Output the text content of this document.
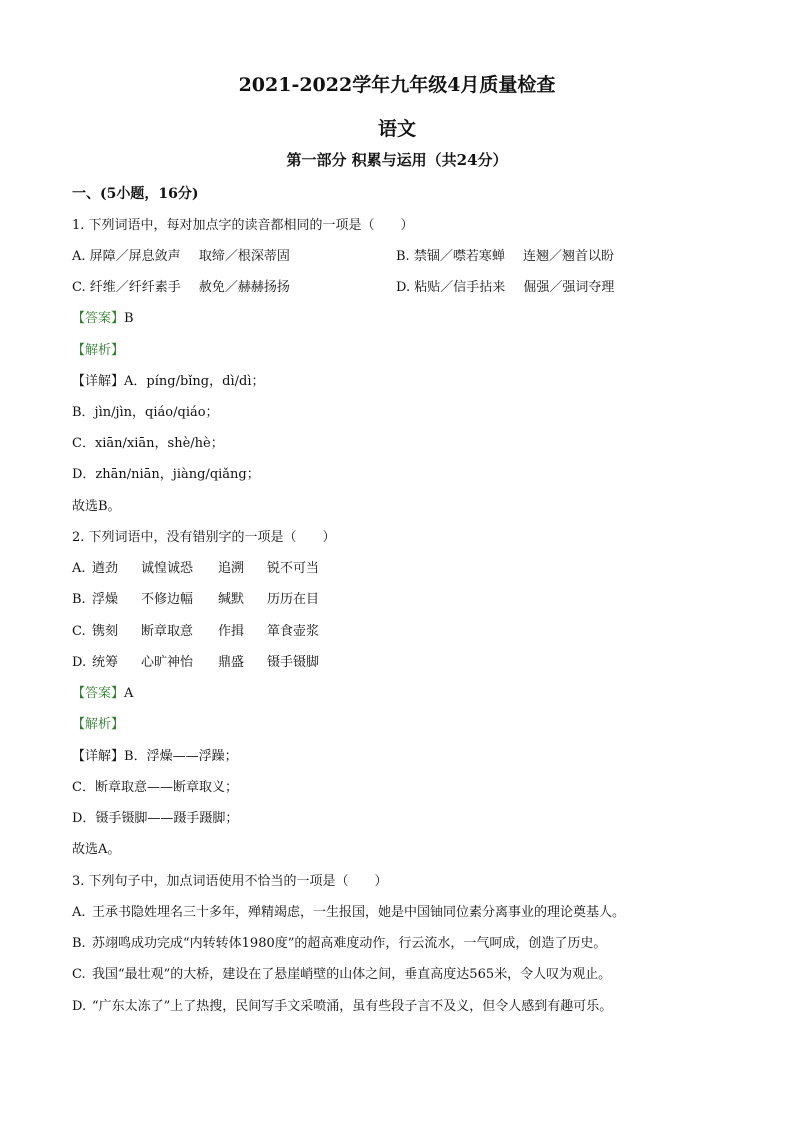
2021-2022学年九年级4月质量检查
语文
第一部分 积累与运用（共24分）
一、(5小题，16分)
1. 下列词语中，每对加点字的读音都相同的一项是（　　）
A. 屏障／屏息敛声 取缔／根深蒂固	B. 禁锢／噤若寒蝉 连翘／翘首以盼
C. 纤维／纤纤素手 赦免／赫赫扬扬	D. 粘贴／信手拈来 倔强／强词夺理
【答案】B
【解析】
【详解】A．píng/bǐng，dì/dì；
B．jìn/jìn，qiáo/qiáo；
C．xiān/xiān，shè/hè；
D．zhān/niān，jiàng/qiǎng；
故选B。
2. 下列词语中，没有错别字的一项是（　　）
A. 遒劲 诚惶诚恐 追溯 锐不可当
B. 浮燥 不修边幅 缄默 历历在目
C. 镌刻 断章取意 作揖 箪食壶浆
D. 统筹 心旷神怡 鼎盛 镊手镊脚
【答案】A
【解析】
【详解】B．浮燥——浮躁；
C．断章取意——断章取义；
D．镊手镊脚——蹑手蹑脚；
故选A。
3. 下列句子中，加点词语使用不恰当的一项是（　　）
A. 王承书隐姓埋名三十多年，殚精竭虑，一生报国，她是中国铀同位素分离事业的理论奠基人。
B. 苏翊鸣成功完成“内转转体1980度”的超高难度动作，行云流水，一气呵成，创造了历史。
C. 我国“最壮观”的大桥，建设在了悬崖峭壁的山体之间，垂直高度达565米，令人叹为观止。
D. “广东太冻了”上了热搜，民间写手文采喷涌，虽有些段子言不及义，但令人感到有趣可乐。
